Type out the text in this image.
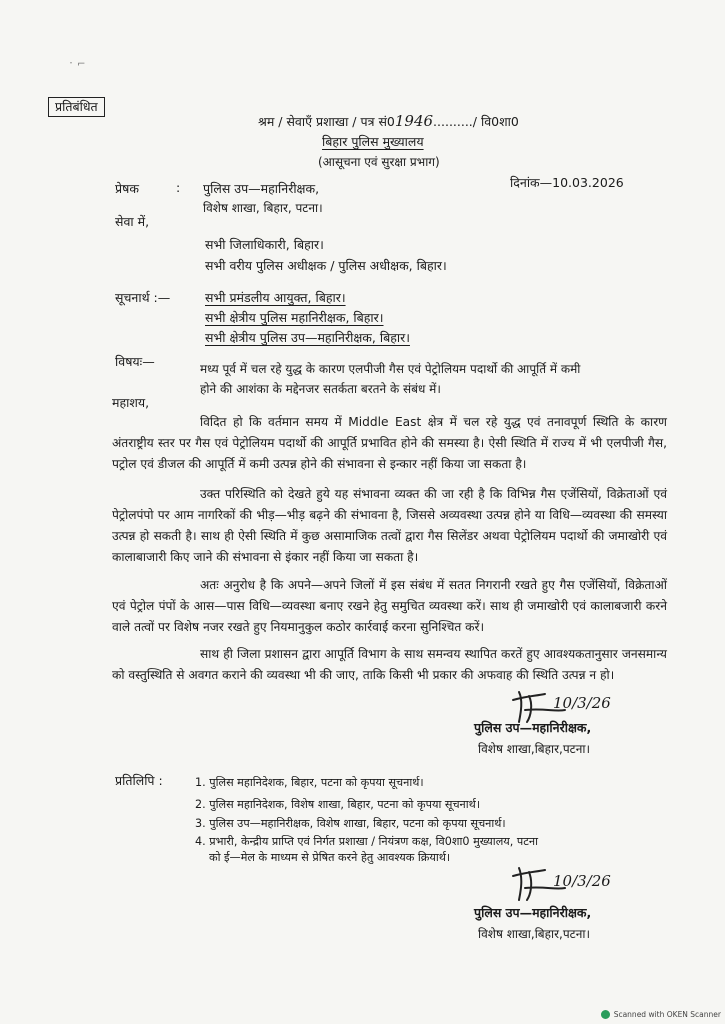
᛫ ⌐
प्रतिबंधित
श्रम / सेवाएँ प्रशाखा / पत्र सं01946........../ वि0शा0
बिहार पुलिस मुख्यालय
(आसूचना एवं सुरक्षा प्रभाग)
दिनांक—10.03.2026
प्रेषक	: पुलिस उप—महानिरीक्षक,
विशेष शाखा, बिहार, पटना।
सेवा में,
सभी जिलाधिकारी, बिहार।
सभी वरीय पुलिस अधीक्षक / पुलिस अधीक्षक, बिहार।
सूचनार्थ :—	सभी प्रमंडलीय आयुक्त, बिहार।
सभी क्षेत्रीय पुलिस महानिरीक्षक, बिहार।
सभी क्षेत्रीय पुलिस उप—महानिरीक्षक, बिहार।
विषयः—	मध्य पूर्व में चल रहे युद्ध के कारण एलपीजी गैस एवं पेट्रोलियम पदार्थो की आपूर्ति में कमी
होने की आशंका के मद्देनजर सतर्कता बरतने के संबंध में।
महाशय,
विदित हो कि वर्तमान समय में Middle East क्षेत्र में चल रहे युद्ध एवं तनावपूर्ण स्थिति के कारण अंतराष्ट्रीय स्तर पर गैस एवं पेट्रोलियम पदार्थो की आपूर्ति प्रभावित होने की समस्या है। ऐसी स्थिति में राज्य में भी एलपीजी गैस, पट्रोल एवं डीजल की आपूर्ति में कमी उत्पन्न होने की संभावना से इन्कार नहीं किया जा सकता है।
उक्त परिस्थिति को देखते हुये यह संभावना व्यक्त की जा रही है कि विभिन्न गैस एजेंसियों, विक्रेताओं एवं पेट्रोलपंपो पर आम नागरिकों की भीड़—भीड़ बढ़ने की संभावना है, जिससे अव्यवस्था उत्पन्न होने या विधि—व्यवस्था की समस्या उत्पन्न हो सकती है। साथ ही ऐसी स्थिति में कुछ असामाजिक तत्वों द्वारा गैस सिलेंडर अथवा पेट्रोलियम पदार्थो की जमाखोरी एवं कालाबाजारी किए जाने की संभावना से इंकार नहीं किया जा सकता है।
अतः अनुरोध है कि अपने—अपने जिलों में इस संबंध में सतत निगरानी रखते हुए गैस एजेंसियों, विक्रेताओं एवं पेट्रोल पंपों के आस—पास विधि—व्यवस्था बनाए रखने हेतु समुचित व्यवस्था करें। साथ ही जमाखोरी एवं कालाबजारी करने वाले तत्वों पर विशेष नजर रखते हुए नियमानुकुल कठोर कार्रवाई करना सुनिश्चित करें।
साथ ही जिला प्रशासन द्वारा आपूर्ति विभाग के साथ समन्वय स्थापित करतें हुए आवश्यकतानुसार जनसमान्य को वस्तुस्थिति से अवगत कराने की व्यवस्था भी की जाए, ताकि किसी भी प्रकार की अफवाह की स्थिति उत्पन्न न हो।
10/3/26
पुलिस उप—महानिरीक्षक,
विशेष शाखा,बिहार,पटना।
प्रतिलिपि :	1. पुलिस महानिदेशक, बिहार, पटना को कृपया सूचनार्थ।
2. पुलिस महानिदेशक, विशेष शाखा, बिहार, पटना को कृपया सूचनार्थ।
3. पुलिस उप—महानिरीक्षक, विशेष शाखा, बिहार, पटना को कृपया सूचनार्थ।
4. प्रभारी, केन्द्रीय प्राप्ति एवं निर्गत प्रशाखा / नियंत्रण कक्ष, वि0शा0 मुख्यालय, पटना
को ई—मेल के माध्यम से प्रेषित करने हेतु आवश्यक क्रियार्थ।
10/3/26
पुलिस उप—महानिरीक्षक,
विशेष शाखा,बिहार,पटना।
Scanned with OKEN Scanner
